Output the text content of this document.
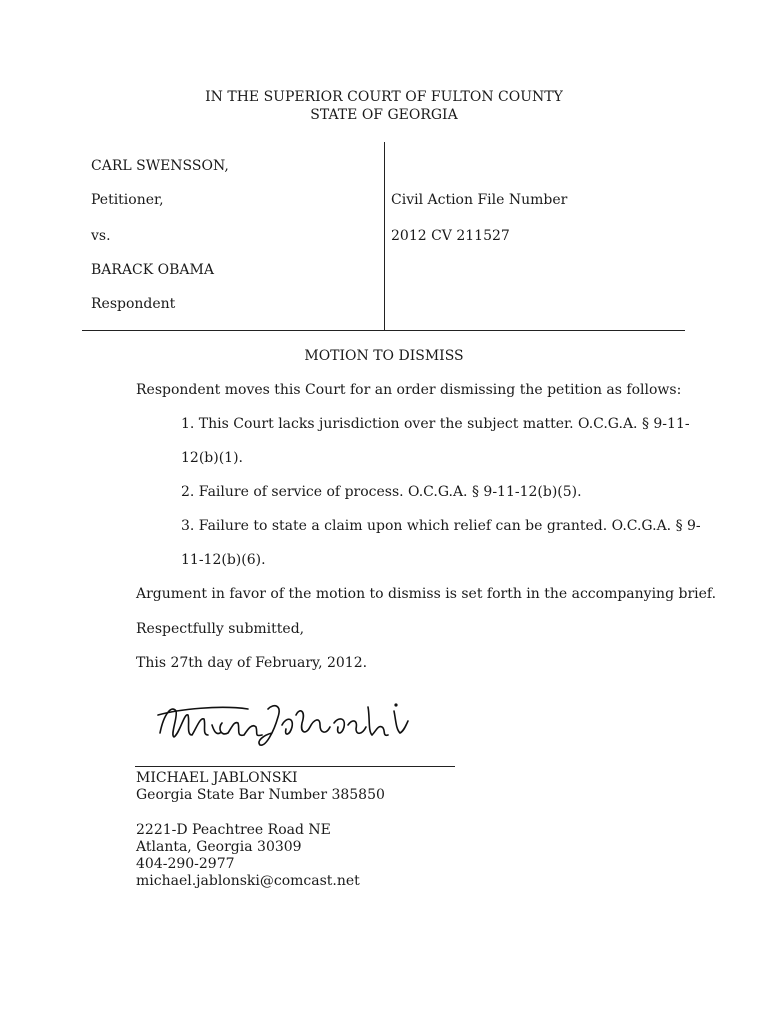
IN THE SUPERIOR COURT OF FULTON COUNTY
STATE OF GEORGIA
CARL SWENSSON,
Petitioner,
vs.
BARACK OBAMA
Respondent
Civil Action File Number
2012 CV 211527
MOTION TO DISMISS
Respondent moves this Court for an order dismissing the petition as follows:
1. This Court lacks jurisdiction over the subject matter. O.C.G.A. § 9-11-
12(b)(1).
2. Failure of service of process. O.C.G.A. § 9-11-12(b)(5).
3. Failure to state a claim upon which relief can be granted. O.C.G.A. § 9-
11-12(b)(6).
Argument in favor of the motion to dismiss is set forth in the accompanying brief.
Respectfully submitted,
This 27th day of February, 2012.
Michael Jablonski
MICHAEL JABLONSKI
Georgia State Bar Number 385850
2221-D Peachtree Road NE
Atlanta, Georgia 30309
404-290-2977
michael.jablonski@comcast.net
